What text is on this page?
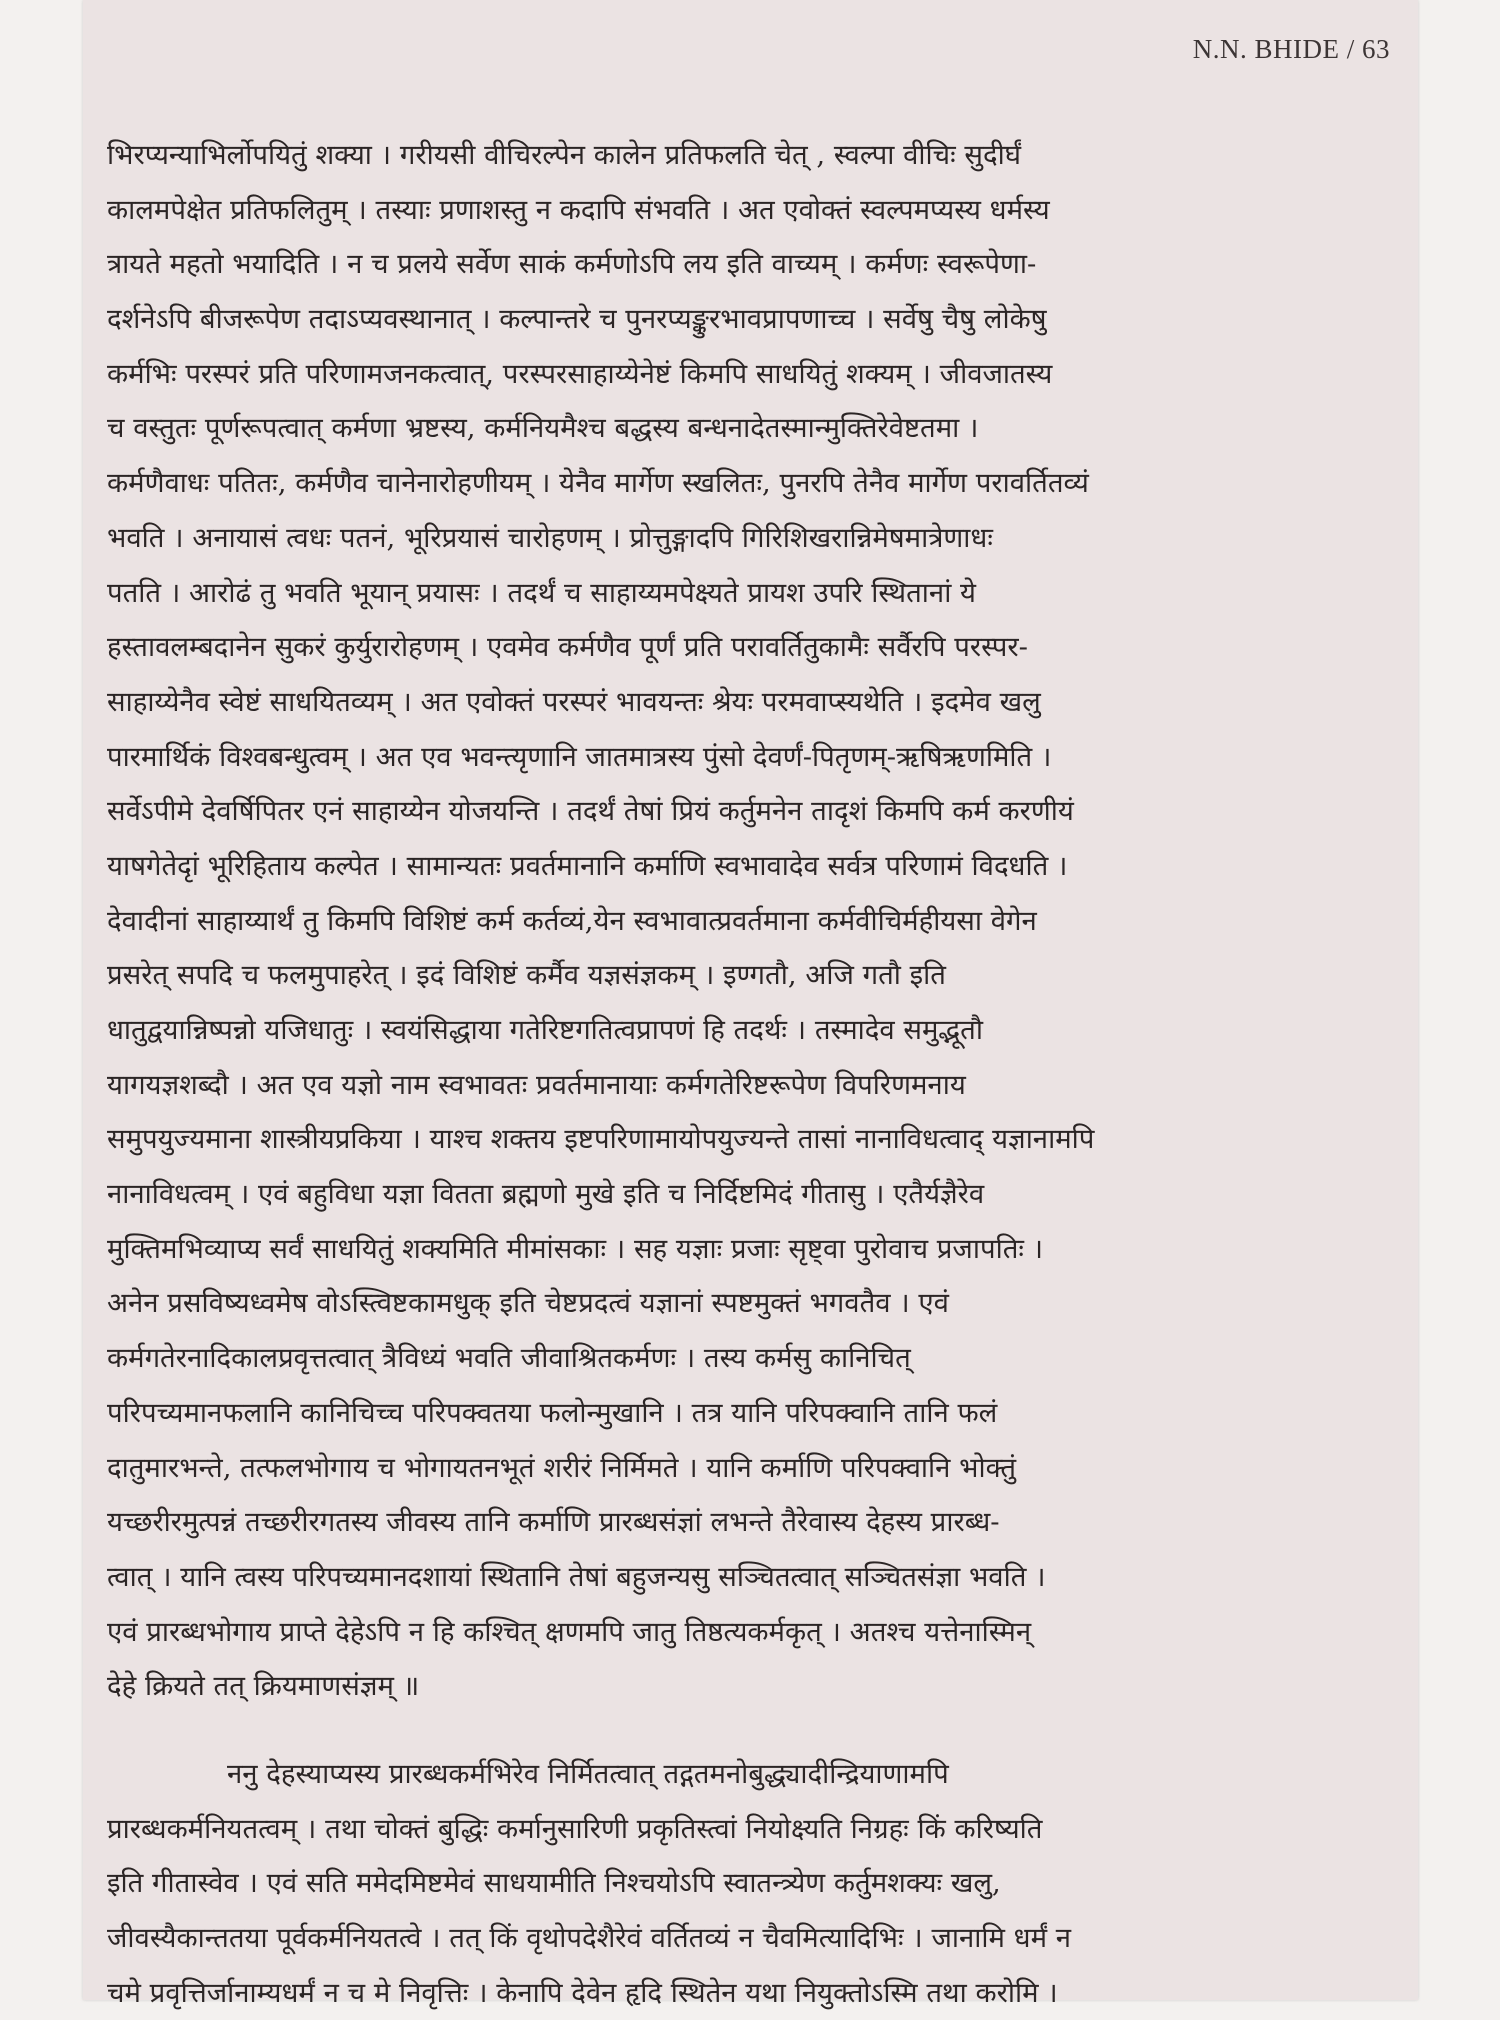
N.N. BHIDE / 63
भिरप्यन्याभिर्लोपयितुं शक्या । गरीयसी वीचिरल्पेन कालेन प्रतिफलति चेत् , स्वल्पा वीचिः सुदीर्घं
कालमपेक्षेत प्रतिफलितुम् । तस्याः प्रणाशस्तु न कदापि संभवति । अत एवोक्तं स्वल्पमप्यस्य धर्मस्य
त्रायते महतो भयादिति । न च प्रलये सर्वेण साकं कर्मणोऽपि लय इति वाच्यम् । कर्मणः स्वरूपेणा-
दर्शनेऽपि बीजरूपेण तदाऽप्यवस्थानात् । कल्पान्तरे च पुनरप्यङ्कुरभावप्रापणाच्च । सर्वेषु चैषु लोकेषु
कर्मभिः परस्परं प्रति परिणामजनकत्वात्, परस्परसाहाय्येनेष्टं किमपि साधयितुं शक्यम् । जीवजातस्य
च वस्तुतः पूर्णरूपत्वात् कर्मणा भ्रष्टस्य, कर्मनियमैश्च बद्धस्य बन्धनादेतस्मान्मुक्तिरेवेष्टतमा ।
कर्मणैवाधः पतितः, कर्मणैव चानेनारोहणीयम् । येनैव मार्गेण स्खलितः, पुनरपि तेनैव मार्गेण परावर्तितव्यं
भवति । अनायासं त्वधः पतनं, भूरिप्रयासं चारोहणम् । प्रोत्तुङ्गादपि गिरिशिखरान्निमेषमात्रेणाधः
पतति । आरोढं तु भवति भूयान् प्रयासः । तदर्थं च साहाय्यमपेक्ष्यते प्रायश उपरि स्थितानां ये
हस्तावलम्बदानेन सुकरं कुर्युरारोहणम् । एवमेव कर्मणैव पूर्णं प्रति परावर्तितुकामैः सर्वैरपि परस्पर-
साहाय्येनैव स्वेष्टं साधयितव्यम् । अत एवोक्तं परस्परं भावयन्तः श्रेयः परमवाप्स्यथेति । इदमेव खलु
पारमार्थिकं विश्वबन्धुत्वम् । अत एव भवन्त्यृणानि जातमात्रस्य पुंसो देवर्णं-पितृणम्-ऋषिऋणमिति ।
सर्वेऽपीमे देवर्षिपितर एनं साहाय्येन योजयन्ति । तदर्थं तेषां प्रियं कर्तुमनेन तादृशं किमपि कर्म करणीयं
याषगेतेदृां भूरिहिताय कल्पेत । सामान्यतः प्रवर्तमानानि कर्माणि स्वभावादेव सर्वत्र परिणामं विदधति ।
देवादीनां साहाय्यार्थं तु किमपि विशिष्टं कर्म कर्तव्यं,येन स्वभावात्प्रवर्तमाना कर्मवीचिर्महीयसा वेगेन
प्रसरेत् सपदि च फलमुपाहरेत् । इदं विशिष्टं कर्मैव यज्ञसंज्ञकम् । इण्गतौ, अजि गतौ इति
धातुद्वयान्निष्पन्नो यजिधातुः । स्वयंसिद्धाया गतेरिष्टगतित्वप्रापणं हि तदर्थः । तस्मादेव समुद्भूतौ
यागयज्ञशब्दौ । अत एव यज्ञो नाम स्वभावतः प्रवर्तमानायाः कर्मगतेरिष्टरूपेण विपरिणमनाय
समुपयुज्यमाना शास्त्रीयप्रकिया । याश्च शक्तय इष्टपरिणामायोपयुज्यन्ते तासां नानाविधत्वाद् यज्ञानामपि
नानाविधत्वम् । एवं बहुविधा यज्ञा वितता ब्रह्मणो मुखे इति च निर्दिष्टमिदं गीतासु । एतैर्यज्ञैरेव
मुक्तिमभिव्याप्य सर्वं साधयितुं शक्यमिति मीमांसकाः । सह यज्ञाः प्रजाः सृष्ट्वा पुरोवाच प्रजापतिः ।
अनेन प्रसविष्यध्वमेष वोऽस्त्विष्टकामधुक् इति चेष्टप्रदत्वं यज्ञानां स्पष्टमुक्तं भगवतैव । एवं
कर्मगतेरनादिकालप्रवृत्तत्वात् त्रैविध्यं भवति जीवाश्रितकर्मणः । तस्य कर्मसु कानिचित्
परिपच्यमानफलानि कानिचिच्च परिपक्वतया फलोन्मुखानि । तत्र यानि परिपक्वानि तानि फलं
दातुमारभन्ते, तत्फलभोगाय च भोगायतनभूतं शरीरं निर्मिमते । यानि कर्माणि परिपक्वानि भोक्तुं
यच्छरीरमुत्पन्नं तच्छरीरगतस्य जीवस्य तानि कर्माणि प्रारब्धसंज्ञां लभन्ते तैरेवास्य देहस्य प्रारब्ध-
त्वात् । यानि त्वस्य परिपच्यमानदशायां स्थितानि तेषां बहुजन्यसु सञ्चितत्वात् सञ्चितसंज्ञा भवति ।
एवं प्रारब्धभोगाय प्राप्ते देहेऽपि न हि कश्चित् क्षणमपि जातु तिष्ठत्यकर्मकृत् । अतश्च यत्तेनास्मिन्
देहे क्रियते तत् क्रियमाणसंज्ञम् ॥
ननु देहस्याप्यस्य प्रारब्धकर्मभिरेव निर्मितत्वात् तद्गतमनोबुद्ध्यादीन्द्रियाणामपि
प्रारब्धकर्मनियतत्वम् । तथा चोक्तं बुद्धिः कर्मानुसारिणी प्रकृतिस्त्वां नियोक्ष्यति निग्रहः किं करिष्यति
इति गीतास्वेव । एवं सति ममेदमिष्टमेवं साधयामीति निश्चयोऽपि स्वातन्त्र्येण कर्तुमशक्यः खलु,
जीवस्यैकान्ततया पूर्वकर्मनियतत्वे । तत् किं वृथोपदेशैरेवं वर्तितव्यं न चैवमित्यादिभिः । जानामि धर्मं न
चमे प्रवृत्तिर्जानाम्यधर्मं न च मे निवृत्तिः । केनापि देवेन हृदि स्थितेन यथा नियुक्तोऽस्मि तथा करोमि ।
